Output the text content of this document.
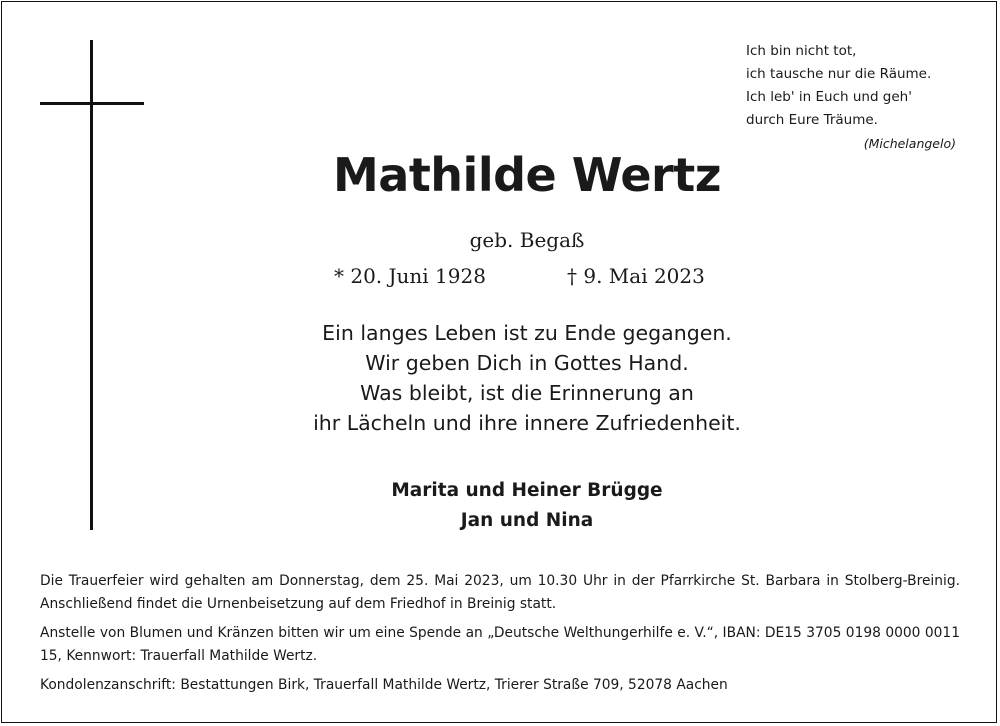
Ich bin nicht tot,
ich tausche nur die Räume.
Ich leb' in Euch und geh'
durch Eure Träume.
(Michelangelo)
Mathilde Wertz
geb. Begaß
* 20. Juni 1928	† 9. Mai 2023
Ein langes Leben ist zu Ende gegangen.
Wir geben Dich in Gottes Hand.
Was bleibt, ist die Erinnerung an
ihr Lächeln und ihre innere Zufriedenheit.
Marita und Heiner Brügge
Jan und Nina

Die Trauerfeier wird gehalten am Donnerstag, dem 25. Mai 2023, um 10.30 Uhr in der Pfarrkirche St. Barbara in Stolberg-Breinig. Anschließend findet die Urnenbeisetzung auf dem Friedhof in Breinig statt.

Anstelle von Blumen und Kränzen bitten wir um eine Spende an „Deutsche Welthungerhilfe e. V.“, IBAN: DE15 3705 0198 0000 0011 15, Kennwort: Trauerfall Mathilde Wertz.

Kondolenzanschrift: Bestattungen Birk, Trauerfall Mathilde Wertz, Trierer Straße 709, 52078 Aachen
